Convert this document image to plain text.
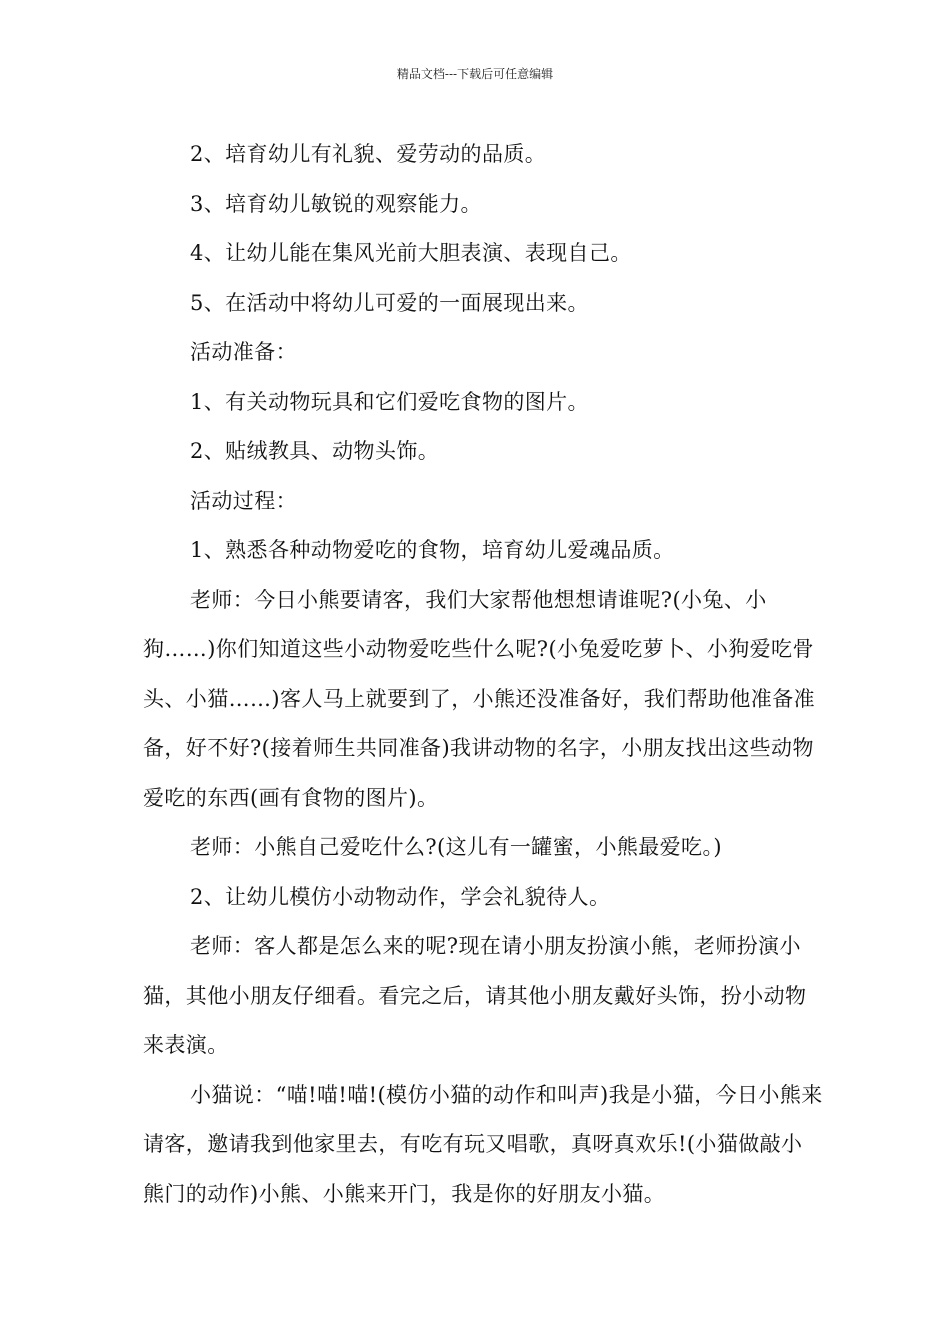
精品文档---下载后可任意编辑

2、培育幼儿有礼貌、爱劳动的品质。

3、培育幼儿敏锐的观察能力。

4、让幼儿能在集风光前大胆表演、表现自己。

5、在活动中将幼儿可爱的一面展现出来。

活动准备：

1、有关动物玩具和它们爱吃食物的图片。

2、贴绒教具、动物头饰。

活动过程：

1、熟悉各种动物爱吃的食物，培育幼儿爱魂品质。

老师：今日小熊要请客，我们大家帮他想想请谁呢?(小兔、小狗……)你们知道这些小动物爱吃些什么呢?(小兔爱吃萝卜、小狗爱吃骨头、小猫……)客人马上就要到了，小熊还没准备好，我们帮助他准备准备，好不好?(接着师生共同准备)我讲动物的名字，小朋友找出这些动物爱吃的东西(画有食物的图片)。

老师：小熊自己爱吃什么?(这儿有一罐蜜，小熊最爱吃。)

2、让幼儿模仿小动物动作，学会礼貌待人。

老师：客人都是怎么来的呢?现在请小朋友扮演小熊，老师扮演小猫，其他小朋友仔细看。看完之后，请其他小朋友戴好头饰，扮小动物来表演。

小猫说：“喵!喵!喵!(模仿小猫的动作和叫声)我是小猫，今日小熊来请客，邀请我到他家里去，有吃有玩又唱歌，真呀真欢乐!(小猫做敲小熊门的动作)小熊、小熊来开门，我是你的好朋友小猫。
